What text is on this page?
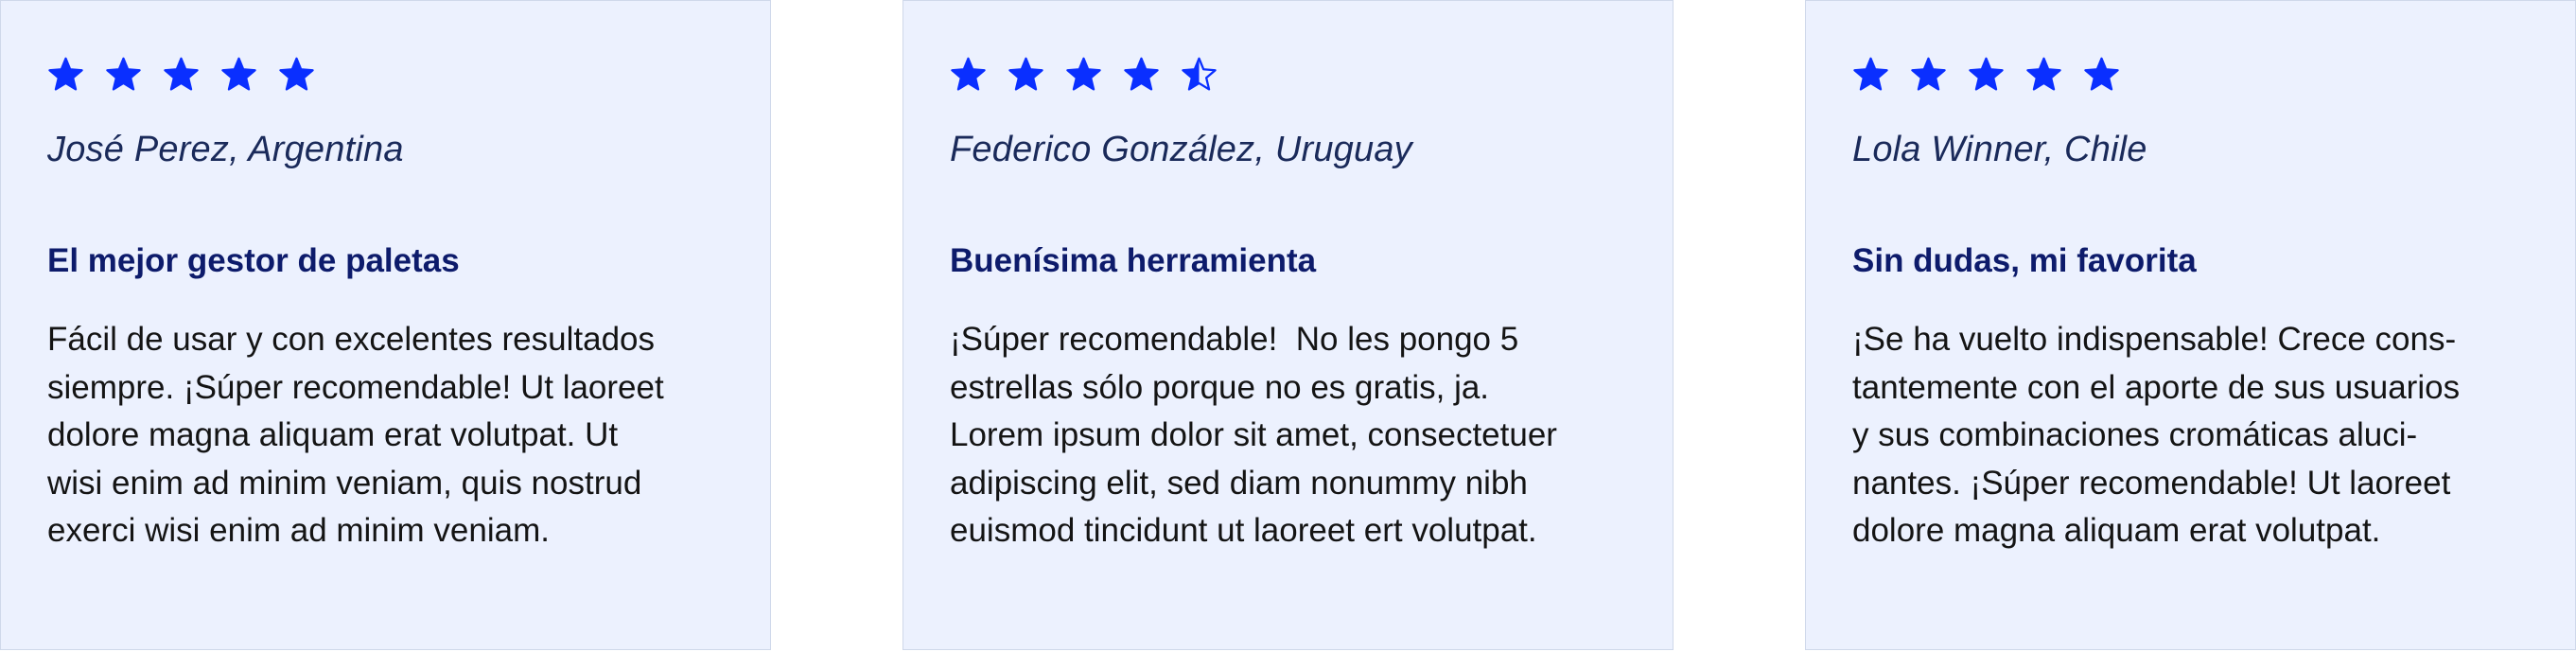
José Perez, Argentina
El mejor gestor de paletas
Fácil de usar y con excelentes resultados
siempre. ¡Súper recomendable! Ut laoreet
dolore magna aliquam erat volutpat. Ut
wisi enim ad minim veniam, quis nostrud
exerci wisi enim ad minim veniam.
Federico González, Uruguay
Buenísima herramienta
¡Súper recomendable!  No les pongo 5
estrellas sólo porque no es gratis, ja.
Lorem ipsum dolor sit amet, consectetuer
adipiscing elit, sed diam nonummy nibh
euismod tincidunt ut laoreet ert volutpat.
Lola Winner, Chile
Sin dudas, mi favorita
¡Se ha vuelto indispensable! Crece cons-
tantemente con el aporte de sus usuarios
y sus combinaciones cromáticas aluci-
nantes. ¡Súper recomendable! Ut laoreet
dolore magna aliquam erat volutpat.
